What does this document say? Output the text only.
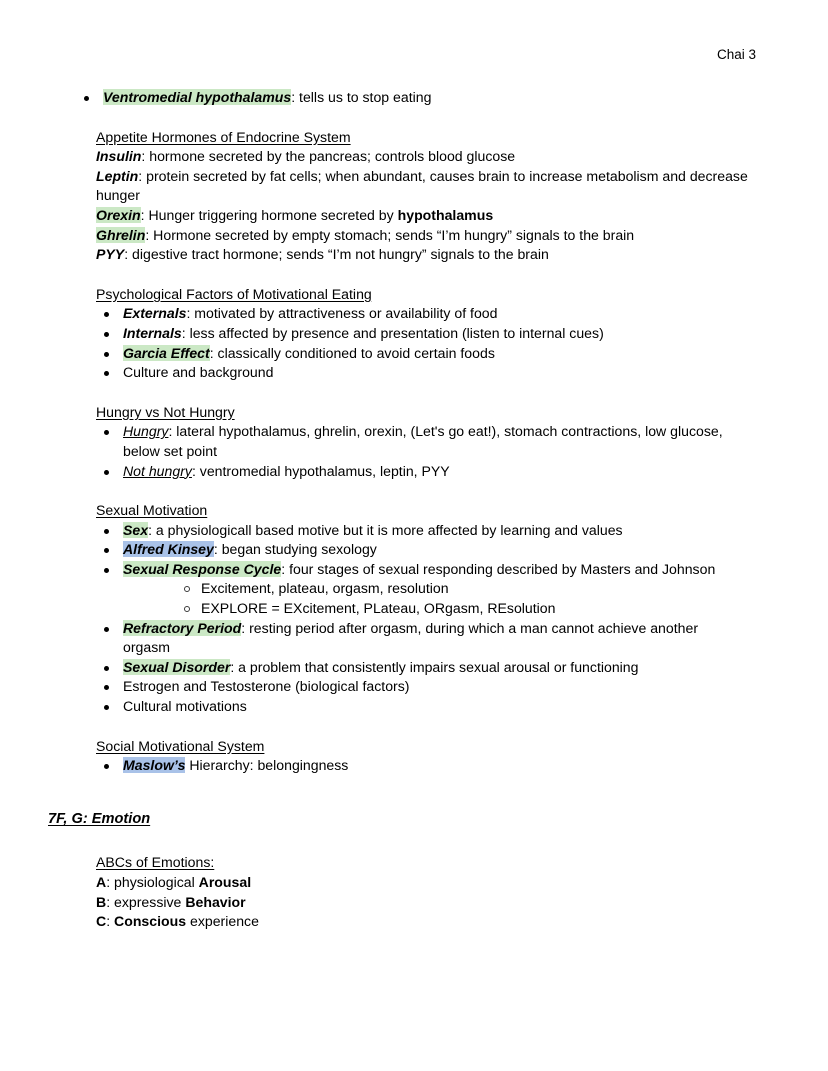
Chai 3
Ventromedial hypothalamus: tells us to stop eating
Appetite Hormones of Endocrine System
Insulin: hormone secreted by the pancreas; controls blood glucose
Leptin: protein secreted by fat cells; when abundant, causes brain to increase metabolism and decrease hunger
Orexin: Hunger triggering hormone secreted by hypothalamus
Ghrelin: Hormone secreted by empty stomach; sends “I’m hungry” signals to the brain
PYY: digestive tract hormone; sends “I’m not hungry” signals to the brain
Psychological Factors of Motivational Eating
Externals: motivated by attractiveness or availability of food
Internals: less affected by presence and presentation (listen to internal cues)
Garcia Effect: classically conditioned to avoid certain foods
Culture and background
Hungry vs Not Hungry
Hungry: lateral hypothalamus, ghrelin, orexin, (Let's go eat!), stomach contractions, low glucose, below set point
Not hungry: ventromedial hypothalamus, leptin, PYY
Sexual Motivation
Sex: a physiologicall based motive but it is more affected by learning and values
Alfred Kinsey: began studying sexology
Sexual Response Cycle: four stages of sexual responding described by Masters and Johnson
Excitement, plateau, orgasm, resolution
EXPLORE = EXcitement, PLateau, ORgasm, REsolution
Refractory Period: resting period after orgasm, during which a man cannot achieve another orgasm
Sexual Disorder: a problem that consistently impairs sexual arousal or functioning
Estrogen and Testosterone (biological factors)
Cultural motivations
Social Motivational System
Maslow’s Hierarchy: belongingness
7F, G: Emotion
ABCs of Emotions:
A: physiological Arousal
B: expressive Behavior
C: Conscious experience
